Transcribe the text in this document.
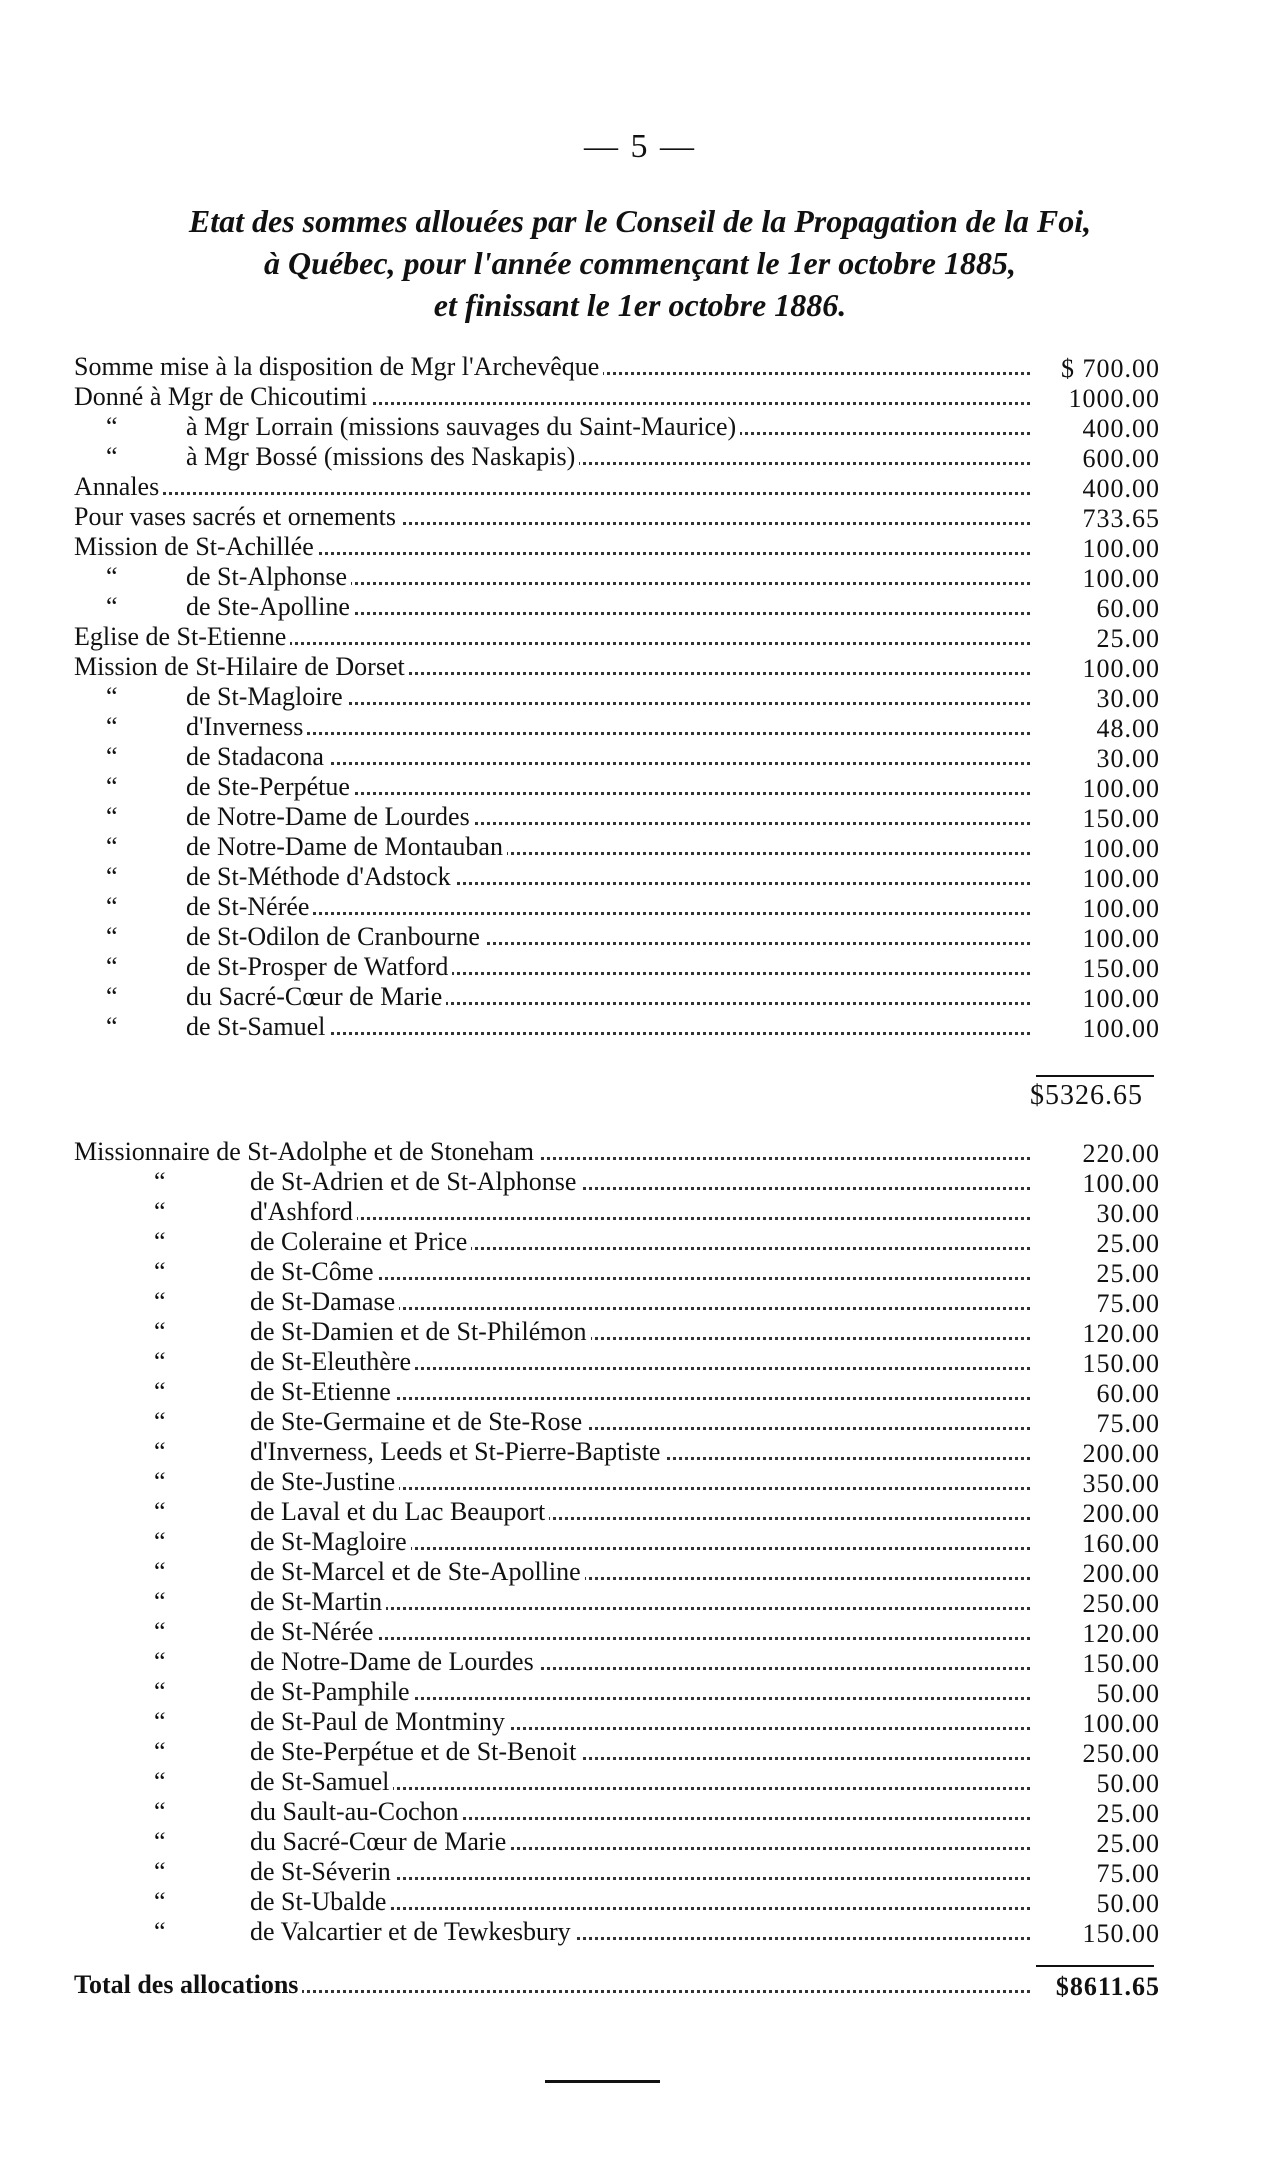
— 5 —
Etat des sommes allouées par le Conseil de la Propagation de la Foi,
à Québec, pour l'année commençant le 1er octobre 1885,
et finissant le 1er octobre 1886.
Somme mise à la disposition de Mgr l'Archevêque	$ 700.00
Donné à Mgr de Chicoutimi	1000.00
“	à Mgr Lorrain (missions sauvages du Saint-Maurice)	400.00
“	à Mgr Bossé (missions des Naskapis)	600.00
Annales	400.00
Pour vases sacrés et ornements	733.65
Mission de St-Achillée	100.00
“	de St-Alphonse	100.00
“	de Ste-Apolline	60.00
Eglise de St-Etienne	25.00
Mission de St-Hilaire de Dorset	100.00
“	de St-Magloire	30.00
“	d'Inverness	48.00
“	de Stadacona	30.00
“	de Ste-Perpétue	100.00
“	de Notre-Dame de Lourdes	150.00
“	de Notre-Dame de Montauban	100.00
“	de St-Méthode d'Adstock	100.00
“	de St-Nérée	100.00
“	de St-Odilon de Cranbourne	100.00
“	de St-Prosper de Watford	150.00
“	du Sacré-Cœur de Marie	100.00
“	de St-Samuel	100.00
$5326.65
Missionnaire de St-Adolphe et de Stoneham	220.00
“	de St-Adrien et de St-Alphonse	100.00
“	d'Ashford	30.00
“	de Coleraine et Price	25.00
“	de St-Côme	25.00
“	de St-Damase	75.00
“	de St-Damien et de St-Philémon	120.00
“	de St-Eleuthère	150.00
“	de St-Etienne	60.00
“	de Ste-Germaine et de Ste-Rose	75.00
“	d'Inverness, Leeds et St-Pierre-Baptiste	200.00
“	de Ste-Justine	350.00
“	de Laval et du Lac Beauport	200.00
“	de St-Magloire	160.00
“	de St-Marcel et de Ste-Apolline	200.00
“	de St-Martin	250.00
“	de St-Nérée	120.00
“	de Notre-Dame de Lourdes	150.00
“	de St-Pamphile	50.00
“	de St-Paul de Montminy	100.00
“	de Ste-Perpétue et de St-Benoit	250.00
“	de St-Samuel	50.00
“	du Sault-au-Cochon	25.00
“	du Sacré-Cœur de Marie	25.00
“	de St-Séverin	75.00
“	de St-Ubalde	50.00
“	de Valcartier et de Tewkesbury	150.00
Total des allocations	$8611.65
